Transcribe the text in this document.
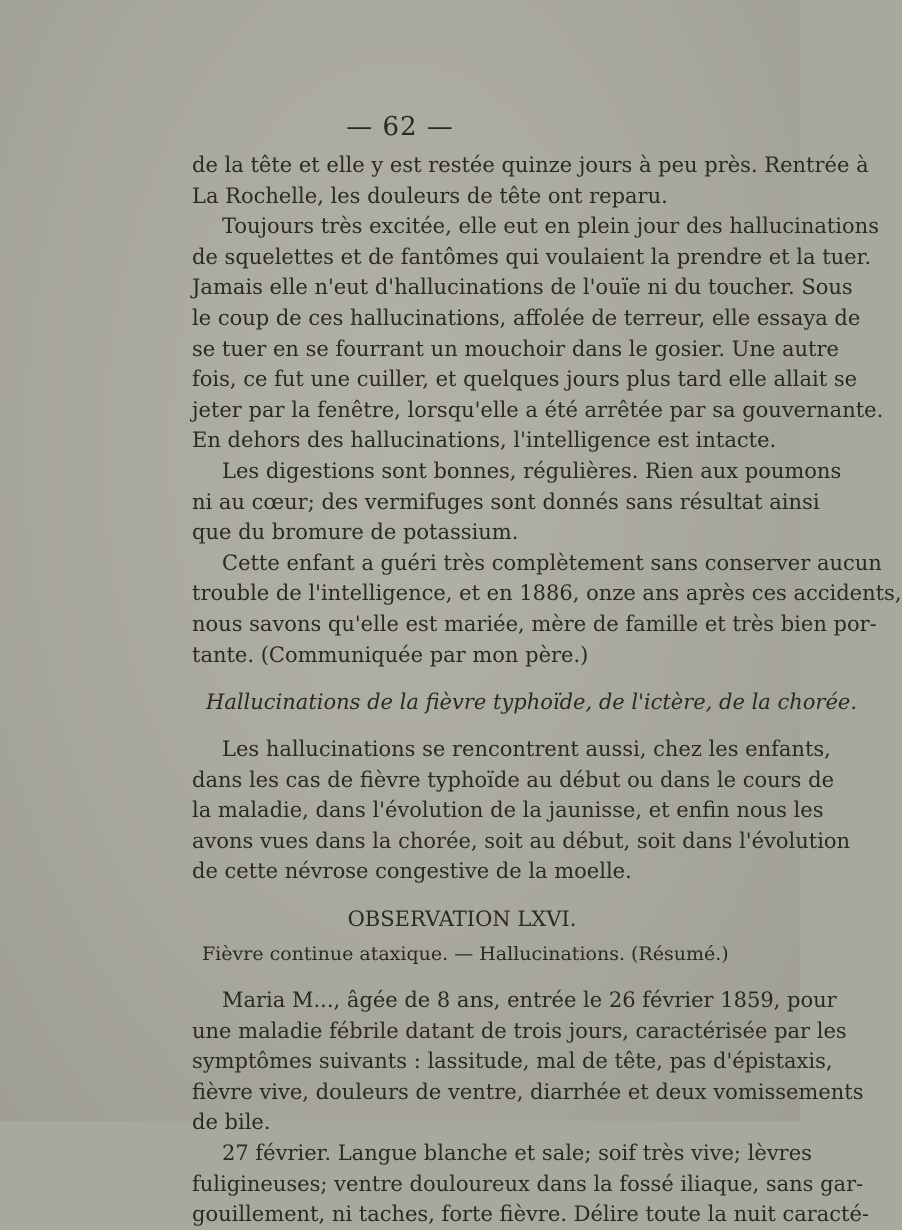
— 62 —
de la tête et elle y est restée quinze jours à peu près. Rentrée à
La Rochelle, les douleurs de tête ont reparu.
Toujours très excitée, elle eut en plein jour des hallucinations
de squelettes et de fantômes qui voulaient la prendre et la tuer.
Jamais elle n'eut d'hallucinations de l'ouïe ni du toucher. Sous
le coup de ces hallucinations, affolée de terreur, elle essaya de
se tuer en se fourrant un mouchoir dans le gosier. Une autre
fois, ce fut une cuiller, et quelques jours plus tard elle allait se
jeter par la fenêtre, lorsqu'elle a été arrêtée par sa gouvernante.
En dehors des hallucinations, l'intelligence est intacte.
Les digestions sont bonnes, régulières. Rien aux poumons
ni au cœur; des vermifuges sont donnés sans résultat ainsi
que du bromure de potassium.
Cette enfant a guéri très complètement sans conserver aucun
trouble de l'intelligence, et en 1886, onze ans après ces accidents,
nous savons qu'elle est mariée, mère de famille et très bien por-
tante. (Communiquée par mon père.)
Hallucinations de la fièvre typhoïde, de l'ictère, de la chorée.
Les hallucinations se rencontrent aussi, chez les enfants,
dans les cas de fièvre typhoïde au début ou dans le cours de
la maladie, dans l'évolution de la jaunisse, et enfin nous les
avons vues dans la chorée, soit au début, soit dans l'évolution
de cette névrose congestive de la moelle.
OBSERVATION LXVI.
Fièvre continue ataxique. — Hallucinations. (Résumé.)
Maria M..., âgée de 8 ans, entrée le 26 février 1859, pour
une maladie fébrile datant de trois jours, caractérisée par les
symptômes suivants : lassitude, mal de tête, pas d'épistaxis,
fièvre vive, douleurs de ventre, diarrhée et deux vomissements
de bile.
27 février. Langue blanche et sale; soif très vive; lèvres
fuligineuses; ventre douloureux dans la fossé iliaque, sans gar-
gouillement, ni taches, forte fièvre. Délire toute la nuit caracté-
